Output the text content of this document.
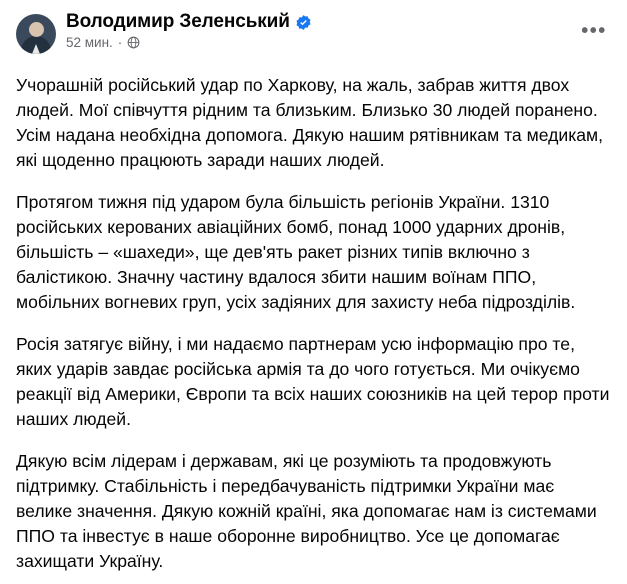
Володимир Зеленський
52 мин. ·
•••

Учорашній російський удар по Харкову, на жаль, забрав життя двох людей. Мої співчуття рідним та близьким. Близько 30 людей поранено. Усім надана необхідна допомога. Дякую нашим рятівникам та медикам, які щоденно працюють заради наших людей.

Протягом тижня під ударом була більшість регіонів України. 1310 російських керованих авіаційних бомб, понад 1000 ударних дронів, більшість – «шахеди», ще дев'ять ракет різних типів включно з балістикою. Значну частину вдалося збити нашим воїнам ППО, мобільних вогневих груп, усіх задіяних для захисту неба підрозділів.

Росія затягує війну, і ми надаємо партнерам усю інформацію про те, яких ударів завдає російська армія та до чого готується. Ми очікуємо реакції від Америки, Європи та всіх наших союзників на цей терор проти наших людей.

Дякую всім лідерам і державам, які це розуміють та продовжують підтримку. Стабільність і передбачуваність підтримки України має велике значення. Дякую кожній країні, яка допомагає нам із системами ППО та інвестує в наше оборонне виробництво. Усе це допомагає захищати Україну.
